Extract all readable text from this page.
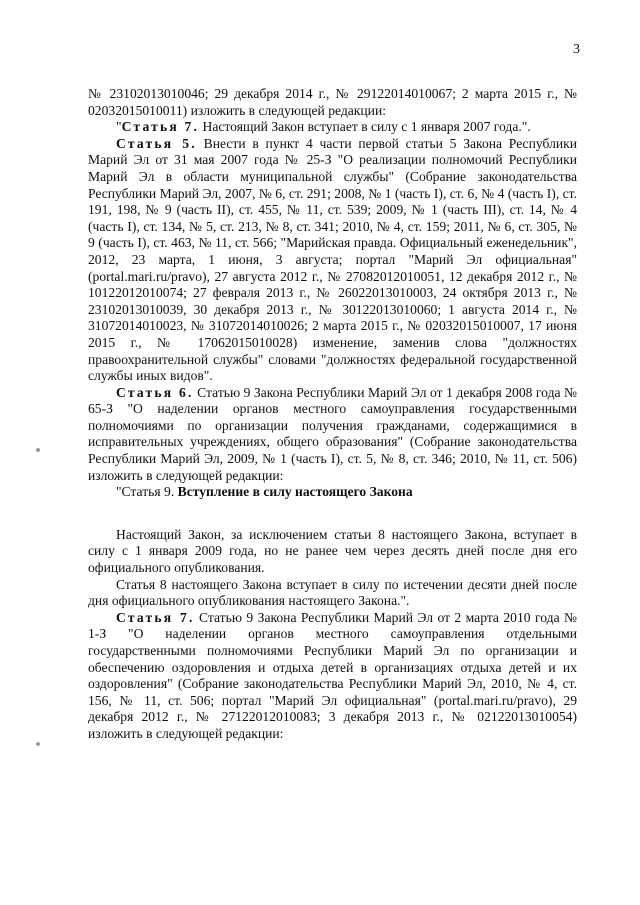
3

№ 23102013010046; 29 декабря 2014 г., № 29122014010067; 2 марта 2015 г., № 02032015010011) изложить в следующей редакции:

"Статья 7. Настоящий Закон вступает в силу с 1 января 2007 года.".

Статья 5. Внести в пункт 4 части первой статьи 5 Закона Республики Марий Эл от 31 мая 2007 года № 25-З "О реализации полномочий Республики Марий Эл в области муниципальной службы" (Собрание законодательства Республики Марий Эл, 2007, № 6, ст. 291; 2008, № 1 (часть I), ст. 6, № 4 (часть I), ст. 191, 198, № 9 (часть II), ст. 455, № 11, ст. 539; 2009, № 1 (часть III), ст. 14, № 4 (часть I), ст. 134, № 5, ст. 213, № 8, ст. 341; 2010, № 4, ст. 159; 2011, № 6, ст. 305, № 9 (часть I), ст. 463, № 11, ст. 566; "Марийская правда. Официальный еженедельник", 2012, 23 марта, 1 июня, 3 августа; портал "Марий Эл официальная" (portal.mari.ru/pravo), 27 августа 2012 г., № 27082012010051, 12 декабря 2012 г., № 10122012010074; 27 февраля 2013 г., № 26022013010003, 24 октября 2013 г., № 23102013010039, 30 декабря 2013 г., № 30122013010060; 1 августа 2014 г., № 31072014010023, № 31072014010026; 2 марта 2015 г., № 02032015010007, 17 июня 2015 г., № 17062015010028) изменение, заменив слова "должностях правоохранительной службы" словами "должностях федеральной государственной службы иных видов".

Статья 6. Статью 9 Закона Республики Марий Эл от 1 декабря 2008 года № 65-З "О наделении органов местного самоуправления государственными полномочиями по организации получения гражданами, содержащимися в исправительных учреждениях, общего образования" (Собрание законодательства Республики Марий Эл, 2009, № 1 (часть I), ст. 5, № 8, ст. 346; 2010, № 11, ст. 506) изложить в следующей редакции:

"Статья 9. Вступление в силу настоящего Закона

Настоящий Закон, за исключением статьи 8 настоящего Закона, вступает в силу с 1 января 2009 года, но не ранее чем через десять дней после дня его официального опубликования.

Статья 8 настоящего Закона вступает в силу по истечении десяти дней после дня официального опубликования настоящего Закона.".

Статья 7. Статью 9 Закона Республики Марий Эл от 2 марта 2010 года № 1-З "О наделении органов местного самоуправления отдельными государственными полномочиями Республики Марий Эл по организации и обеспечению оздоровления и отдыха детей в организациях отдыха детей и их оздоровления" (Собрание законодательства Республики Марий Эл, 2010, № 4, ст. 156, № 11, ст. 506; портал "Марий Эл официальная" (portal.mari.ru/pravo), 29 декабря 2012 г., № 27122012010083; 3 декабря 2013 г., № 02122013010054) изложить в следующей редакции:
